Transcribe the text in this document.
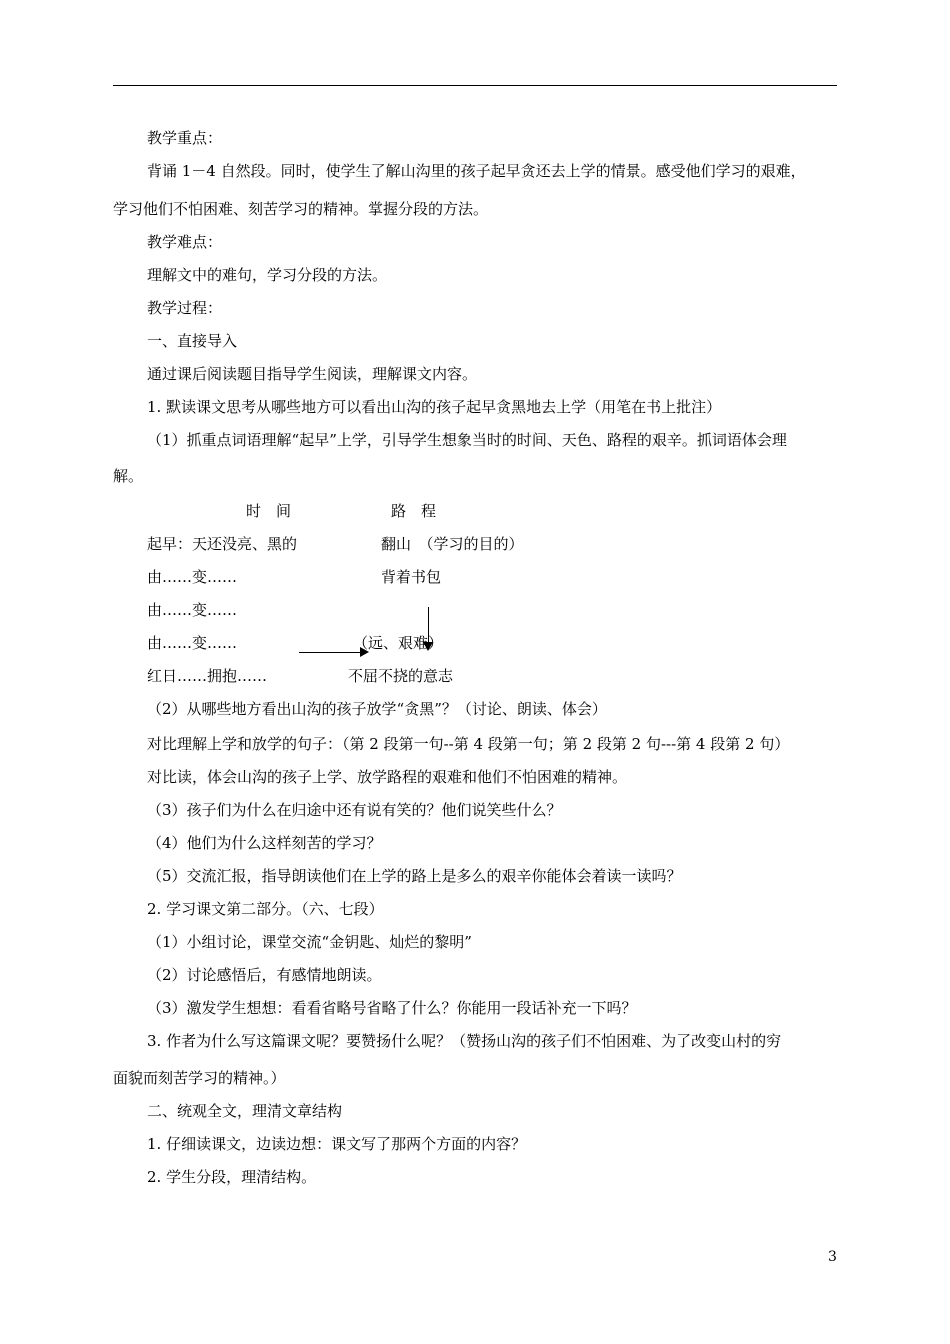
教学重点：
背诵 1－4 自然段。同时，使学生了解山沟里的孩子起早贪还去上学的情景。感受他们学习的艰难，
学习他们不怕困难、刻苦学习的精神。掌握分段的方法。
教学难点：
理解文中的难句，学习分段的方法。
教学过程：
一、直接导入
通过课后阅读题目指导学生阅读，理解课文内容。
1. 默读课文思考从哪些地方可以看出山沟的孩子起早贪黑地去上学（用笔在书上批注）
（1）抓重点词语理解“起早”上学，引导学生想象当时的时间、天色、路程的艰辛。抓词语体会理
解。
时　间	路　程
起早：天还没亮、黑的	翻山　（学习的目的）
由……变……	背着书包
由……变……
由……变……	（远、艰难）
红日……拥抱……	不屈不挠的意志
（2）从哪些地方看出山沟的孩子放学“贪黑”？（讨论、朗读、体会）
对比理解上学和放学的句子：（第 2 段第一句--第 4 段第一句；第 2 段第 2 句---第 4 段第 2 句）
对比读，体会山沟的孩子上学、放学路程的艰难和他们不怕困难的精神。
（3）孩子们为什么在归途中还有说有笑的？他们说笑些什么？
（4）他们为什么这样刻苦的学习？
（5）交流汇报，指导朗读他们在上学的路上是多么的艰辛你能体会着读一读吗？
2. 学习课文第二部分。（六、七段）
（1）小组讨论，课堂交流“金钥匙、灿烂的黎明”
（2）讨论感悟后，有感情地朗读。
（3）激发学生想想：看看省略号省略了什么？你能用一段话补充一下吗？
3. 作者为什么写这篇课文呢？要赞扬什么呢？（赞扬山沟的孩子们不怕困难、为了改变山村的穷
面貌而刻苦学习的精神。）
二、统观全文，理清文章结构
1. 仔细读课文，边读边想：课文写了那两个方面的内容？
2. 学生分段，理清结构。
3
